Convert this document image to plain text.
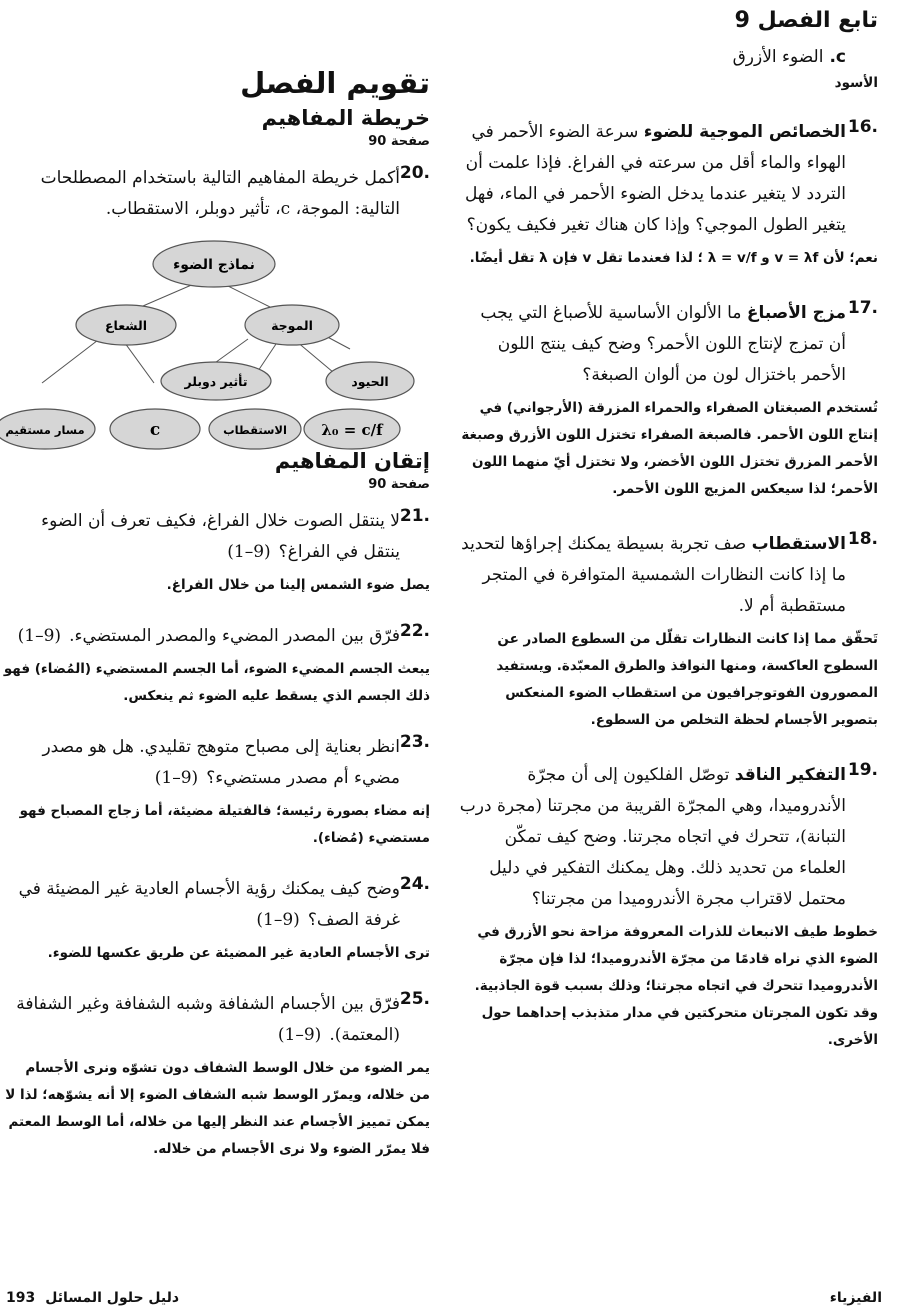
تابع الفصل 9
c.الضوء الأزرق
الأسود
16.

الخصائص الموجية للضوء سرعة الضوء الأحمر في الهواء والماء أقل من سرعته في الفراغ. فإذا علمت أن التردد لا يتغير عندما يدخل الضوء الأحمر في الماء، فهل يتغير الطول الموجي؟ وإذا كان هناك تغير فكيف يكون؟

نعم؛ لأن v = λf و λ = v/f ؛ لذا فعندما تقل v فإن λ تقل أيضًا.
17.

مزج الأصباغ ما الألوان الأساسية للأصباغ التي يجب أن تمزج لإنتاج اللون الأحمر؟ وضح كيف ينتج اللون الأحمر باختزال لون من ألوان الصبغة؟

تُستخدم الصبغتان الصفراء والحمراء المزرقة (الأرجواني) في إنتاج اللون الأحمر. فالصبغة الصفراء تختزل اللون الأزرق وصبغة الأحمر المزرق تختزل اللون الأخضر، ولا تختزل أيّ منهما اللون الأحمر؛ لذا سيعكس المزيج اللون الأحمر.
18.

الاستقطاب صف تجربة بسيطة يمكنك إجراؤها لتحديد ما إذا كانت النظارات الشمسية المتوافرة في المتجر مستقطبة أم لا.

تَحقّق مما إذا كانت النظارات تقلّل من السطوع الصادر عن السطوح العاكسة، ومنها النوافذ والطرق المعبّدة. ويستفيد المصورون الفوتوجرافيون من استقطاب الضوء المنعكس بتصوير الأجسام لحظة التخلص من السطوع.
19.

التفكير الناقد توصّل الفلكيون إلى أن مجرّة الأندروميدا، وهي المجرّة القريبة من مجرتنا (مجرة درب التبانة)، تتحرك في اتجاه مجرتنا. وضح كيف تمكّن العلماء من تحديد ذلك. وهل يمكنك التفكير في دليل محتمل لاقتراب مجرة الأندروميدا من مجرتنا؟

خطوط طيف الانبعاث للذرات المعروفة مزاحة نحو الأزرق في الضوء الذي نراه قادمًا من مجرّة الأندروميدا؛ لذا فإن مجرّة الأندروميدا تتحرك في اتجاه مجرتنا؛ وذلك بسبب قوة الجاذبية. وقد تكون المجرتان متحركتين في مدار متذبذب إحداهما حول الأخرى.
تقويم الفصل
خريطة المفاهيم
صفحة 90
20.

أكمل خريطة المفاهيم التالية باستخدام المصطلحات التالية: الموجة، c، تأثير دوبلر، الاستقطاب.

نماذج الضوء
الشعاع	الموجة
تأثير دوبلر	الحيود
مسار مستقيم	c	الاستقطاب λ₀ = c/f
إتقان المفاهيم
صفحة 90
21.

لا ينتقل الصوت خلال الفراغ، فكيف تعرف أن الضوء ينتقل في الفراغ؟(1–9)

يصل ضوء الشمس إلينا من خلال الفراغ.
22.

فرّق بين المصدر المضيء والمصدر المستضيء.(1–9)

يبعث الجسم المضيء الضوء، أما الجسم المستضيء (المُضاء) فهو ذلك الجسم الذي يسقط عليه الضوء ثم ينعكس.
23.

انظر بعناية إلى مصباح متوهج تقليدي. هل هو مصدر مضيء أم مصدر مستضيء؟(1–9)

إنه مضاء بصورة رئيسة؛ فالفتيلة مضيئة، أما زجاج المصباح فهو مستضيء (مُضاء).
24.

وضح كيف يمكنك رؤية الأجسام العادية غير المضيئة في غرفة الصف؟(1–9)

ترى الأجسام العادية غير المضيئة عن طريق عكسها للضوء.
25.

فرّق بين الأجسام الشفافة وشبه الشفافة وغير الشفافة (المعتمة).(1–9)

يمر الضوء من خلال الوسط الشفاف دون تشوّه ونرى الأجسام من خلاله، ويمرّر الوسط شبه الشفاف الضوء إلا أنه يشوّهه؛ لذا لا يمكن تمييز الأجسام عند النظر إليها من خلاله، أما الوسط المعتم فلا يمرّر الضوء ولا نرى الأجسام من خلاله.
دليل حلول المسائل193	الفيزياء
